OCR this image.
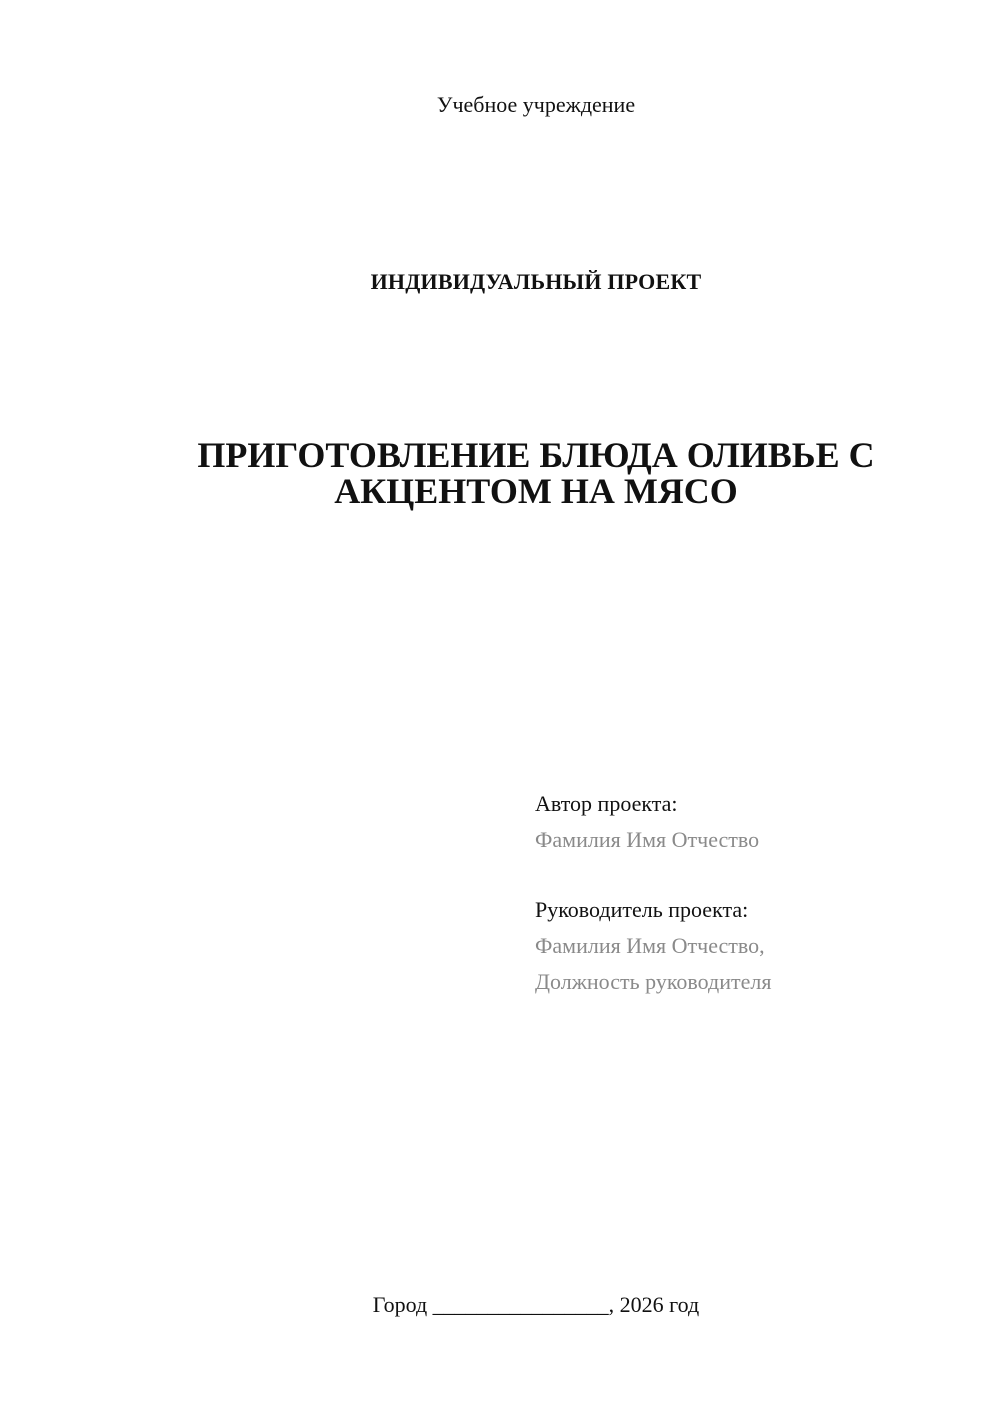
Учебное учреждение
ИНДИВИДУАЛЬНЫЙ ПРОЕКТ
ПРИГОТОВЛЕНИЕ БЛЮДА ОЛИВЬЕ С
АКЦЕНТОМ НА МЯСО
Автор проекта:
Фамилия Имя Отчество
Руководитель проекта:
Фамилия Имя Отчество,
Должность руководителя
Город ________________, 2026 год
